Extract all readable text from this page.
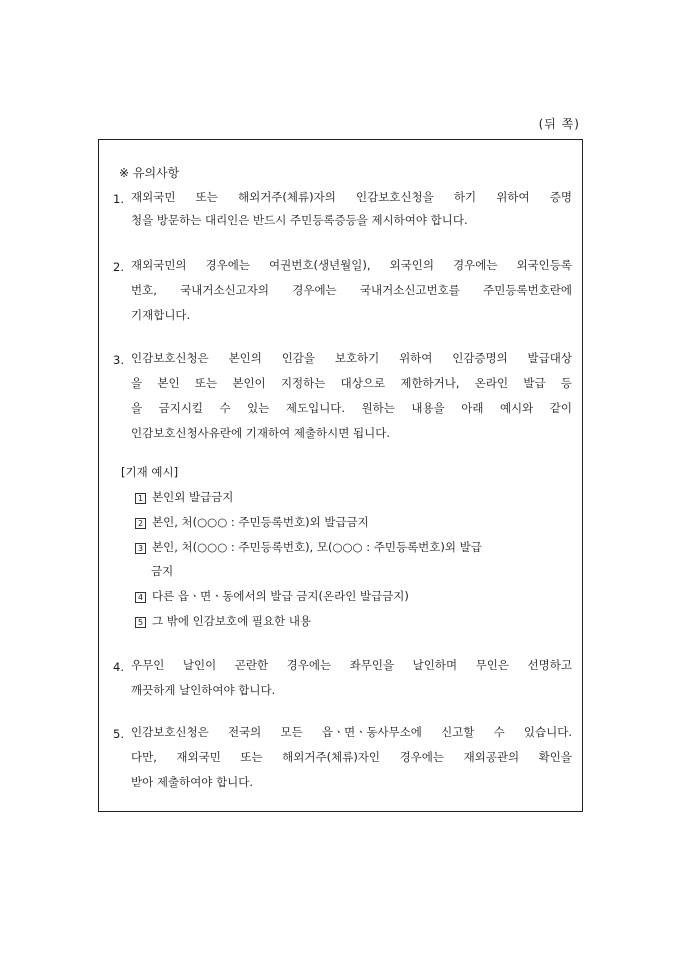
(뒤 쪽)
※ 유의사항
1. 재외국민 또는 해외거주(체류)자의 인감보호신청을 하기 위하여 증명
청을 방문하는 대리인은 반드시 주민등록증등을 제시하여야 합니다.
2. 재외국민의 경우에는 여권번호(생년월일), 외국인의 경우에는 외국인등록
번호, 국내거소신고자의 경우에는 국내거소신고번호를 주민등록번호란에
기재합니다.
3. 인감보호신청은 본인의 인감을 보호하기 위하여 인감증명의 발급대상
을 본인 또는 본인이 지정하는 대상으로 제한하거나, 온라인 발급 등
을 금지시킬 수 있는 제도입니다. 원하는 내용을 아래 예시와 같이
인감보호신청사유란에 기재하여 제출하시면 됩니다.
[기재 예시]
1 본인외 발급금지
2 본인, 처(○○○ : 주민등록번호)외 발급금지
3 본인, 처(○○○ : 주민등록번호), 모(○○○ : 주민등록번호)외 발급
금지
4 다른 읍ㆍ면ㆍ동에서의 발급 금지(온라인 발급금지)
5 그 밖에 인감보호에 필요한 내용
4. 우무인 날인이 곤란한 경우에는 좌무인을 날인하며 무인은 선명하고
깨끗하게 날인하여야 합니다.
5. 인감보호신청은 전국의 모든 읍ㆍ면ㆍ동사무소에 신고할 수 있습니다.
다만, 재외국민 또는 해외거주(체류)자인 경우에는 재외공관의 확인을
받아 제출하여야 합니다.
